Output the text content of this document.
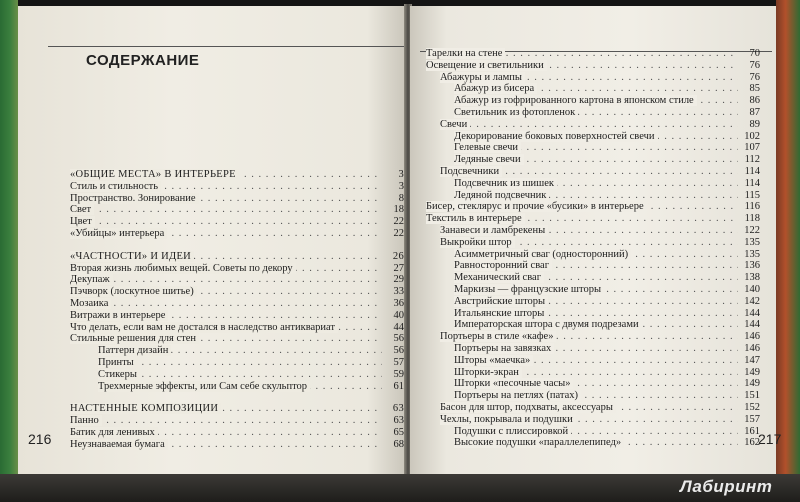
СОДЕРЖАНИЕ
. . .
«ОБЩИЕ МЕСТА» В ИНТЕРЬЕРЕ	3
. . .
Стиль и стильность	3
. . .
Пространство. Зонирование	8
. . .
Свет	18
. . .
Цвет	22
. . .
«Убийцы» интерьера	22
. . .
«ЧАСТНОСТИ» И ИДЕИ	26
. . .
Вторая жизнь любимых вещей. Советы по декору	27
. . .
Декупаж	29
. . .
Пэчворк (лоскутное шитье)	33
. . .
Мозаика	36
. . .
Витражи в интерьере	40
. . .
Что делать, если вам не достался в наследство антиквариат	44
. . .
Стильные решения для стен	56
. . .
Паттерн дизайн	56
. . .
Принты	57
. . .
Стикеры	59
. . .
Трехмерные эффекты, или Сам себе скульптор	61
. . .
НАСТЕННЫЕ КОМПОЗИЦИИ	63
. . .
Панно	63
. . .
Батик для ленивых	65
. . .
Неузнаваемая бумага	68
. . .
Тарелки на стене	70
. . .
Освещение и светильники	76
. . .
Абажуры и лампы	76
. . .
Абажур из бисера	85
. . .
Абажур из гофрированного картона в японском стиле	86
. . .
Светильник из фотопленок	87
. . .
Свечи	89
. . .
Декорирование боковых поверхностей свечи	102
. . .
Гелевые свечи	107
. . .
Ледяные свечи	112
. . .
Подсвечники	114
. . .
Подсвечник из шишек	114
. . .
Ледяной подсвечник	115
. . .
Бисер, стеклярус и прочие «бусики» в интерьере	116
. . .
Текстиль в интерьере	118
. . .
Занавеси и ламбрекены	122
. . .
Выкройки штор	135
. . .
Асимметричный сваг (односторонний)	135
. . .
Равносторонний сваг	136
. . .
Механический сваг	138
. . .
Маркизы — французские шторы	140
. . .
Австрийские шторы	142
. . .
Итальянские шторы	144
. . .
Императорская штора с двумя подрезами	144
. . .
Портьеры в стиле «кафе»	146
. . .
Портьеры на завязках	146
. . .
Шторы «маечка»	147
. . .
Шторки-экран	149
. . .
Шторки «песочные часы»	149
. . .
Портьеры на петлях (патах)	151
. . .
Басон для штор, подхваты, аксессуары	152
. . .
Чехлы, покрывала и подушки	157
. . .
Подушки с плиссировкой	161
. . .
Высокие подушки «параллелепипед»	162
216	217
Лабиринт
